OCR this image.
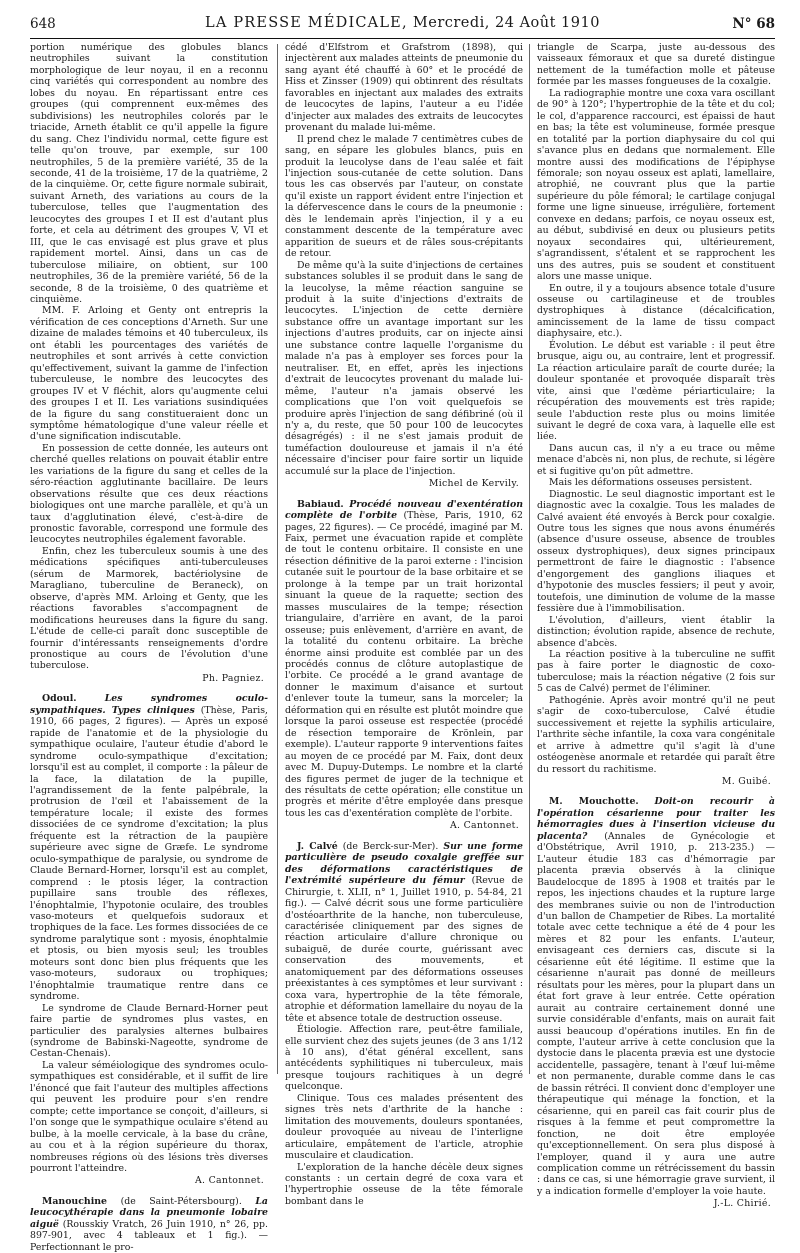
648	LA PRESSE MÉDICALE, Mercredi, 24 Août 1910	N° 68

portion numérique des globules blancs neutrophiles suivant la constitution morphologique de leur noyau, il en a reconnu cinq variétés qui correspondent au nombre des lobes du noyau. En répartissant entre ces groupes (qui comprennent eux-mêmes des subdivisions) les neutrophiles colorés par le triacide, Arneth établit ce qu'il appelle la figure du sang. Chez l'individu normal, cette figure est telle qu'on trouve, par exemple, sur 100 neutrophiles, 5 de la première variété, 35 de la seconde, 41 de la troisième, 17 de la quatrième, 2 de la cinquième. Or, cette figure normale subirait, suivant Arneth, des variations au cours de la tuberculose, telles que l'augmentation des leucocytes des groupes I et II est d'autant plus forte, et cela au détriment des groupes V, VI et III, que le cas envisagé est plus grave et plus rapidement mortel. Ainsi, dans un cas de tuberculose miliaire, on obtient, sur 100 neutrophiles, 36 de la première variété, 56 de la seconde, 8 de la troisième, 0 des quatrième et cinquième.

MM. F. Arloing et Genty ont entrepris la vérification de ces conceptions d'Arneth. Sur une dizaine de malades témoins et 40 tuberculeux, ils ont établi les pourcentages des variétés de neutrophiles et sont arrivés à cette conviction qu'effectivement, suivant la gamme de l'infection tuberculeuse, le nombre des leucocytes des groupes IV et V fléchit, alors qu'augmente celui des groupes I et II. Les variations susindiquées de la figure du sang constitueraient donc un symptôme hématologique d'une valeur réelle et d'une signification indiscutable.

En possession de cette donnée, les auteurs ont cherché quelles relations on pouvait établir entre les variations de la figure du sang et celles de la séro-réaction agglutinante bacillaire. De leurs observations résulte que ces deux réactions biologiques ont une marche parallèle, et qu'à un taux d'agglutination élevé, c'est-à-dire de pronostic favorable, correspond une formule des leucocytes neutrophiles également favorable.

Enfin, chez les tuberculeux soumis à une des médications spécifiques anti-tuberculeuses (sérum de Marmorek, bactériolysine de Maragliano, tuberculine de Beraneck), on observe, d'après MM. Arloing et Genty, que les réactions favorables s'accompagnent de modifications heureuses dans la figure du sang. L'étude de celle-ci paraît donc susceptible de fournir d'intéressants renseignements d'ordre pronostique au cours de l'évolution d'une tuberculose.

Ph. Pagniez.

Odoul.	Les syndromes oculo-sympathiques. Types cliniques (Thèse, Paris, 1910, 66 pages, 2 figures). — Après un exposé rapide de l'anatomie et de la physiologie du sympathique oculaire, l'auteur étudie d'abord le syndrome oculo-sympathique d'excitation; lorsqu'il est au complet, il comporte : la pâleur de la face, la dilatation de la pupille, l'agrandissement de la fente palpébrale, la protrusion de l'œil et l'abaissement de la température locale; il existe des formes dissociées de ce syndrome d'excitation; la plus fréquente est la rétraction de la paupière supérieure avec signe de Græfe. Le syndrome oculo-sympathique de paralysie, ou syndrome de Claude Bernard-Horner, lorsqu'il est au complet, comprend : le ptosis léger, la contraction pupillaire sans trouble des réflexes, l'énophtalmie, l'hypotonie oculaire, des troubles vaso-moteurs et quelquefois sudoraux et trophiques de la face. Les formes dissociées de ce syndrome paralytique sont : myosis, énophtalmie et ptosis, ou bien myosis seul; les troubles moteurs sont donc bien plus fréquents que les vaso-moteurs, sudoraux ou trophiques; l'énophtalmie traumatique rentre dans ce syndrome.

Le syndrome de Claude Bernard-Horner peut faire partie de syndromes plus vastes, en particulier des paralysies alternes bulbaires (syndrome de Babinski-Nageotte, syndrome de Cestan-Chenais).

La valeur séméiologique des syndromes oculo-sympathiques est considérable, et il suffit de lire l'énoncé que fait l'auteur des multiples affections qui peuvent les produire pour s'en rendre compte; cette importance se conçoit, d'ailleurs, si l'on songe que le sympathique oculaire s'étend au bulbe, à la moelle cervicale, à la base du crâne, au cou et à la région supérieure du thorax, nombreuses régions où des lésions très diverses pourront l'atteindre.

A. Cantonnet.

Manouchine (de Saint-Pétersbourg). La leucocythérapie dans la pneumonie lobaire aiguë (Rousskiy Vratch, 26 Juin 1910, n° 26, pp. 897-901, avec 4 tableaux et 1 fig.). — Perfectionnant le pro-

cédé d'Elfstrom et Grafstrom (1898), qui injectèrent aux malades atteints de pneumonie du sang ayant été chauffé à 60° et le procédé de Hiss et Zinsser (1909) qui obtinrent des résultats favorables en injectant aux malades des extraits de leucocytes de lapins, l'auteur a eu l'idée d'injecter aux malades des extraits de leucocytes provenant du malade lui-même.

Il prend chez le malade 7 centimètres cubes de sang, en sépare les globules blancs, puis en produit la leucolyse dans de l'eau salée et fait l'injection sous-cutanée de cette solution. Dans tous les cas observés par l'auteur, on constate qu'il existe un rapport évident entre l'injection et la défervescence dans le cours de la pneumonie : dès le lendemain après l'injection, il y a eu constamment descente de la température avec apparition de sueurs et de râles sous-crépitants de retour.

De même qu'à la suite d'injections de certaines substances solubles il se produit dans le sang de la leucolyse, la même réaction sanguine se produit à la suite d'injections d'extraits de leucocytes. L'injection de cette dernière substance offre un avantage important sur les injections d'autres produits, car on injecte ainsi une substance contre laquelle l'organisme du malade n'a pas à employer ses forces pour la neutraliser. Et, en effet, après les injections d'extrait de leucocytes provenant du malade lui-même, l'auteur n'a jamais observé les complications que l'on voit quelquefois se produire après l'injection de sang défibriné (où il n'y a, du reste, que 50 pour 100 de leucocytes désagrégés) : il ne s'est jamais produit de tuméfaction douloureuse et jamais il n'a été nécessaire d'inciser pour faire sortir un liquide accumulé sur la place de l'injection.

Michel de Kervily.

Babiaud. Procédé nouveau d'exentération complète de l'orbite (Thèse, Paris, 1910, 62 pages, 22 figures). — Ce procédé, imaginé par M. Faix, permet une évacuation rapide et complète de tout le contenu orbitaire. Il consiste en une résection définitive de la paroi externe : l'incision cutanée suit le pourtour de la base orbitaire et se prolonge à la tempe par un trait horizontal sinuant la queue de la raquette; section des masses musculaires de la tempe; résection triangulaire, d'arrière en avant, de la paroi osseuse; puis enlèvement, d'arrière en avant, de la totalité du contenu orbitaire. La brèche énorme ainsi produite est comblée par un des procédés connus de clôture autoplastique de l'orbite. Ce procédé a le grand avantage de donner le maximum d'aisance et surtout d'enlever toute la tumeur, sans la morceler; la déformation qui en résulte est plutôt moindre que lorsque la paroi osseuse est respectée (procédé de résection temporaire de Krönlein, par exemple). L'auteur rapporte 9 interventions faites au moyen de ce procédé par M. Faix, dont deux avec M. Dupuy-Dutemps. Le nombre et la clarté des figures permet de juger de la technique et des résultats de cette opération; elle constitue un progrès et mérite d'être employée dans presque tous les cas d'exentération complète de l'orbite.

A. Cantonnet.

J. Calvé (de Berck-sur-Mer). Sur une forme particulière de pseudo coxalgie greffée sur des déformations caractéristiques de l'extrémité supérieure du fémur (Revue de Chirurgie, t. XLII, n° 1, Juillet 1910, p. 54-84, 21 fig.). — Calvé décrit sous une forme particulière d'ostéoarthrite de la hanche, non tuberculeuse, caractérisée cliniquement par des signes de réaction articulaire d'allure chronique ou subaiguë, de durée courte, guérissant avec conservation des mouvements, et anatomiquement par des déformations osseuses préexistantes à ces symptômes et leur survivant : coxa vara, hypertrophie de la tête fémorale, atrophie et déformation lamellaire du noyau de la tête et absence totale de destruction osseuse.

Étiologie. Affection rare, peut-être familiale, elle survient chez des sujets jeunes (de 3 ans 1/12 à 10 ans), d'état général excellent, sans antécédents syphilitiques ni tuberculeux, mais presque toujours rachitiques à un degré quelconque.

Clinique. Tous ces malades présentent des signes très nets d'arthrite de la hanche : limitation des mouvements, douleurs spontanées, douleur provoquée au niveau de l'interligne articulaire, empâtement de l'article, atrophie musculaire et claudication.

L'exploration de la hanche décèle deux signes constants : un certain degré de coxa vara et l'hypertrophie osseuse de la tête fémorale bombant dans le

triangle de Scarpa, juste au-dessous des vaisseaux fémoraux et que sa dureté distingue nettement de la tuméfaction molle et pâteuse formée par les masses fongueuses de la coxalgie.

La radiographie montre une coxa vara oscillant de 90° à 120°; l'hypertrophie de la tête et du col; le col, d'apparence raccourci, est épaissi de haut en bas; la tête est volumineuse, formée presque en totalité par la portion diaphysaire du col qui s'avance plus en dedans que normalement. Elle montre aussi des modifications de l'épiphyse fémorale; son noyau osseux est aplati, lamellaire, atrophié, ne couvrant plus que la partie supérieure du pôle fémoral; le cartilage conjugal forme une ligne sinueuse, irrégulière, fortement convexe en dedans; parfois, ce noyau osseux est, au début, subdivisé en deux ou plusieurs petits noyaux secondaires qui, ultérieurement, s'agrandissent, s'étalent et se rapprochent les uns des autres, puis se soudent et constituent alors une masse unique.

En outre, il y a toujours absence totale d'usure osseuse ou cartilagineuse et de troubles dystrophiques à distance (décalcification, amincissement de la lame de tissu compact diaphysaire, etc.).

Évolution. Le début est variable : il peut être brusque, aigu ou, au contraire, lent et progressif. La réaction articulaire paraît de courte durée; la douleur spontanée et provoquée disparaît très vite, ainsi que l'œdème périarticulaire; la récupération des mouvements est très rapide; seule l'abduction reste plus ou moins limitée suivant le degré de coxa vara, à laquelle elle est liée.

Dans aucun cas, il n'y a eu trace ou même menace d'abcès ni, non plus, de rechute, si légère et si fugitive qu'on pût admettre.

Mais les déformations osseuses persistent.

Diagnostic. Le seul diagnostic important est le diagnostic avec la coxalgie. Tous les malades de Calvé avaient été envoyés à Berck pour coxalgie. Outre tous les signes que nous avons énumérés (absence d'usure osseuse, absence de troubles osseux dystrophiques), deux signes principaux permettront de faire le diagnostic : l'absence d'engorgement des ganglions iliaques et d'hypotonie des muscles fessiers; il peut y avoir, toutefois, une diminution de volume de la masse fessière due à l'immobilisation.

L'évolution, d'ailleurs, vient établir la distinction; évolution rapide, absence de rechute, absence d'abcès.

La réaction positive à la tuberculine ne suffit pas à faire porter le diagnostic de coxo-tuberculose; mais la réaction négative (2 fois sur 5 cas de Calvé) permet de l'éliminer.

Pathogénie. Après avoir montré qu'il ne peut s'agir de coxo-tuberculose, Calvé étudie successivement et rejette la syphilis articulaire, l'arthrite sèche infantile, la coxa vara congénitale et arrive à admettre qu'il s'agit là d'une ostéogenèse anormale et retardée qui paraît être du ressort du rachitisme.

M. Guibé.

M. Mouchotte. Doit-on recourir à l'opération césarienne pour traiter les hémorragies dues à l'insertion vicieuse du placenta? (Annales de Gynécologie et d'Obstétrique, Avril 1910, p. 213-235.) — L'auteur étudie 183 cas d'hémorragie par placenta prævia observés à la clinique Baudelocque de 1895 à 1908 et traités par le repos, les injections chaudes et la rupture large des membranes suivie ou non de l'introduction d'un ballon de Champetier de Ribes. La mortalité totale avec cette technique a été de 4 pour les mères et 82 pour les enfants. L'auteur, envisageant ces derniers cas, discute si la césarienne eût été légitime. Il estime que la césarienne n'aurait pas donné de meilleurs résultats pour les mères, pour la plupart dans un état fort grave à leur entrée. Cette opération aurait au contraire certainement donné une survie considérable d'enfants, mais on aurait fait aussi beaucoup d'opérations inutiles. En fin de compte, l'auteur arrive à cette conclusion que la dystocie dans le placenta prævia est une dystocie accidentelle, passagère, tenant à l'œuf lui-même et non permanente, durable comme dans le cas de bassin rétréci. Il convient donc d'employer une thérapeutique qui ménage la fonction, et la césarienne, qui en pareil cas fait courir plus de risques à la femme et peut compromettre la fonction, ne doit être employée qu'exceptionnellement. On sera plus disposé à l'employer, quand il y aura une autre complication comme un rétrécissement du bassin : dans ce cas, si une hémorragie grave survient, il y a indication formelle d'employer la voie haute.

J.-L. Chirié.
